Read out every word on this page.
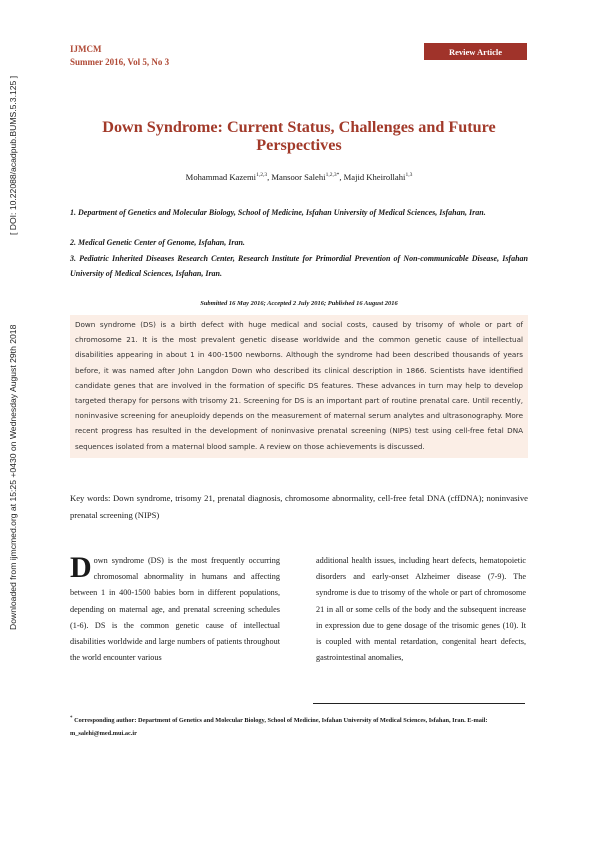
[ DOI: 10.22088/acadpub.BUMS.5.3.125 ]
Downloaded from ijmcmed.org at 15:25 +0430 on Wednesday August 29th 2018
IJMCM
Summer 2016, Vol 5, No 3
Review Article
Down Syndrome: Current Status, Challenges and Future Perspectives
Mohammad Kazemi$^{1,2,3}$, Mansoor Salehi$^{1,2,3*}$, Majid Kheirollahi$^{1,3}$
1. Department of Genetics and Molecular Biology, School of Medicine, Isfahan University of Medical Sciences, Isfahan, Iran.
2. Medical Genetic Center of Genome, Isfahan, Iran.
3. Pediatric Inherited Diseases Research Center, Research Institute for Primordial Prevention of Non-communicable Disease, Isfahan University of Medical Sciences, Isfahan, Iran.
Submitted 16 May 2016; Accepted 2 July 2016; Published 16 August 2016
Down syndrome (DS) is a birth defect with huge medical and social costs, caused by trisomy of whole or part of chromosome 21. It is the most prevalent genetic disease worldwide and the common genetic cause of intellectual disabilities appearing in about 1 in 400-1500 newborns. Although the syndrome had been described thousands of years before, it was named after John Langdon Down who described its clinical description in 1866. Scientists have identified candidate genes that are involved in the formation of specific DS features. These advances in turn may help to develop targeted therapy for persons with trisomy 21. Screening for DS is an important part of routine prenatal care. Until recently, noninvasive screening for aneuploidy depends on the measurement of maternal serum analytes and ultrasonography. More recent progress has resulted in the development of noninvasive prenatal screening (NIPS) test using cell-free fetal DNA sequences isolated from a maternal blood sample. A review on those achievements is discussed.
Key words: Down syndrome, trisomy 21, prenatal diagnosis, chromosome abnormality, cell-free fetal DNA (cffDNA); noninvasive prenatal screening (NIPS)
Down syndrome (DS) is the most frequently occurring chromosomal abnormality in humans and affecting between 1 in 400-1500 babies born in different populations, depending on maternal age, and prenatal screening schedules (1-6). DS is the common genetic cause of intellectual disabilities worldwide and large numbers of patients throughout the world encounter various
additional health issues, including heart defects, hematopoietic disorders and early-onset Alzheimer disease (7-9). The syndrome is due to trisomy of the whole or part of chromosome 21 in all or some cells of the body and the subsequent increase in expression due to gene dosage of the trisomic genes (10). It is coupled with mental retardation, congenital heart defects, gastrointestinal anomalies,
* Corresponding author: Department of Genetics and Molecular Biology, School of Medicine, Isfahan University of Medical Sciences, Isfahan, Iran. E-mail: m_salehi@med.mui.ac.ir
